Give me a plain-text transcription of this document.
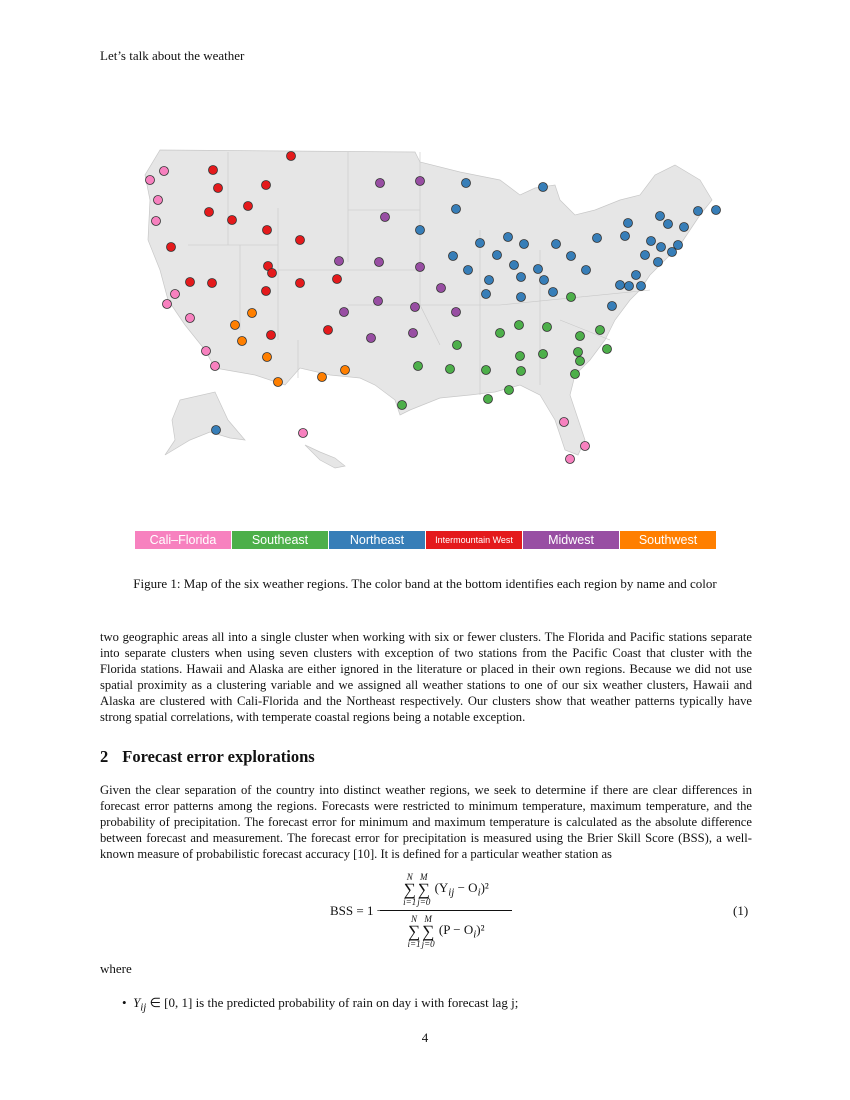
Let’s talk about the weather
Cali–Florida	Southeast	Northeast	Intermountain West	Midwest	Southwest
Figure 1: Map of the six weather regions. The color band at the bottom identifies each region by name and color
two geographic areas all into a single cluster when working with six or fewer clusters. The Florida and Pacific stations separate into separate clusters when using seven clusters with exception of two stations from the Pacific Coast that cluster with the Florida stations. Hawaii and Alaska are either ignored in the literature or placed in their own regions. Because we did not use spatial proximity as a clustering variable and we assigned all weather stations to one of our six weather clusters, Hawaii and Alaska are clustered with Cali-Florida and the Northeast respectively. Our clusters show that weather patterns typically have strong spatial correlations, with temperate coastal regions being a notable exception.
2 Forecast error explorations
Given the clear separation of the country into distinct weather regions, we seek to determine if there are clear differences in forecast error patterns among the regions. Forecasts were restricted to minimum temperature, maximum temperature, and the probability of precipitation. The forecast error for minimum and maximum temperature is calculated as the absolute difference between forecast and measurement. The forecast error for precipitation is measured using the Brier Skill Score (BSS), a well-known measure of probabilistic forecast accuracy [10]. It is defined for a particular weather station as
BSS = 1 −
N
∑
i=1
M
∑
j=0
$(Y_{ij} - O_i)^2$
N
∑
i=1
M
∑
j=0
$(P - O_i)^2$
(1)
where
•  $Y_{ij}$ ∈ [0, 1] is the predicted probability of rain on day i with forecast lag j;
4
